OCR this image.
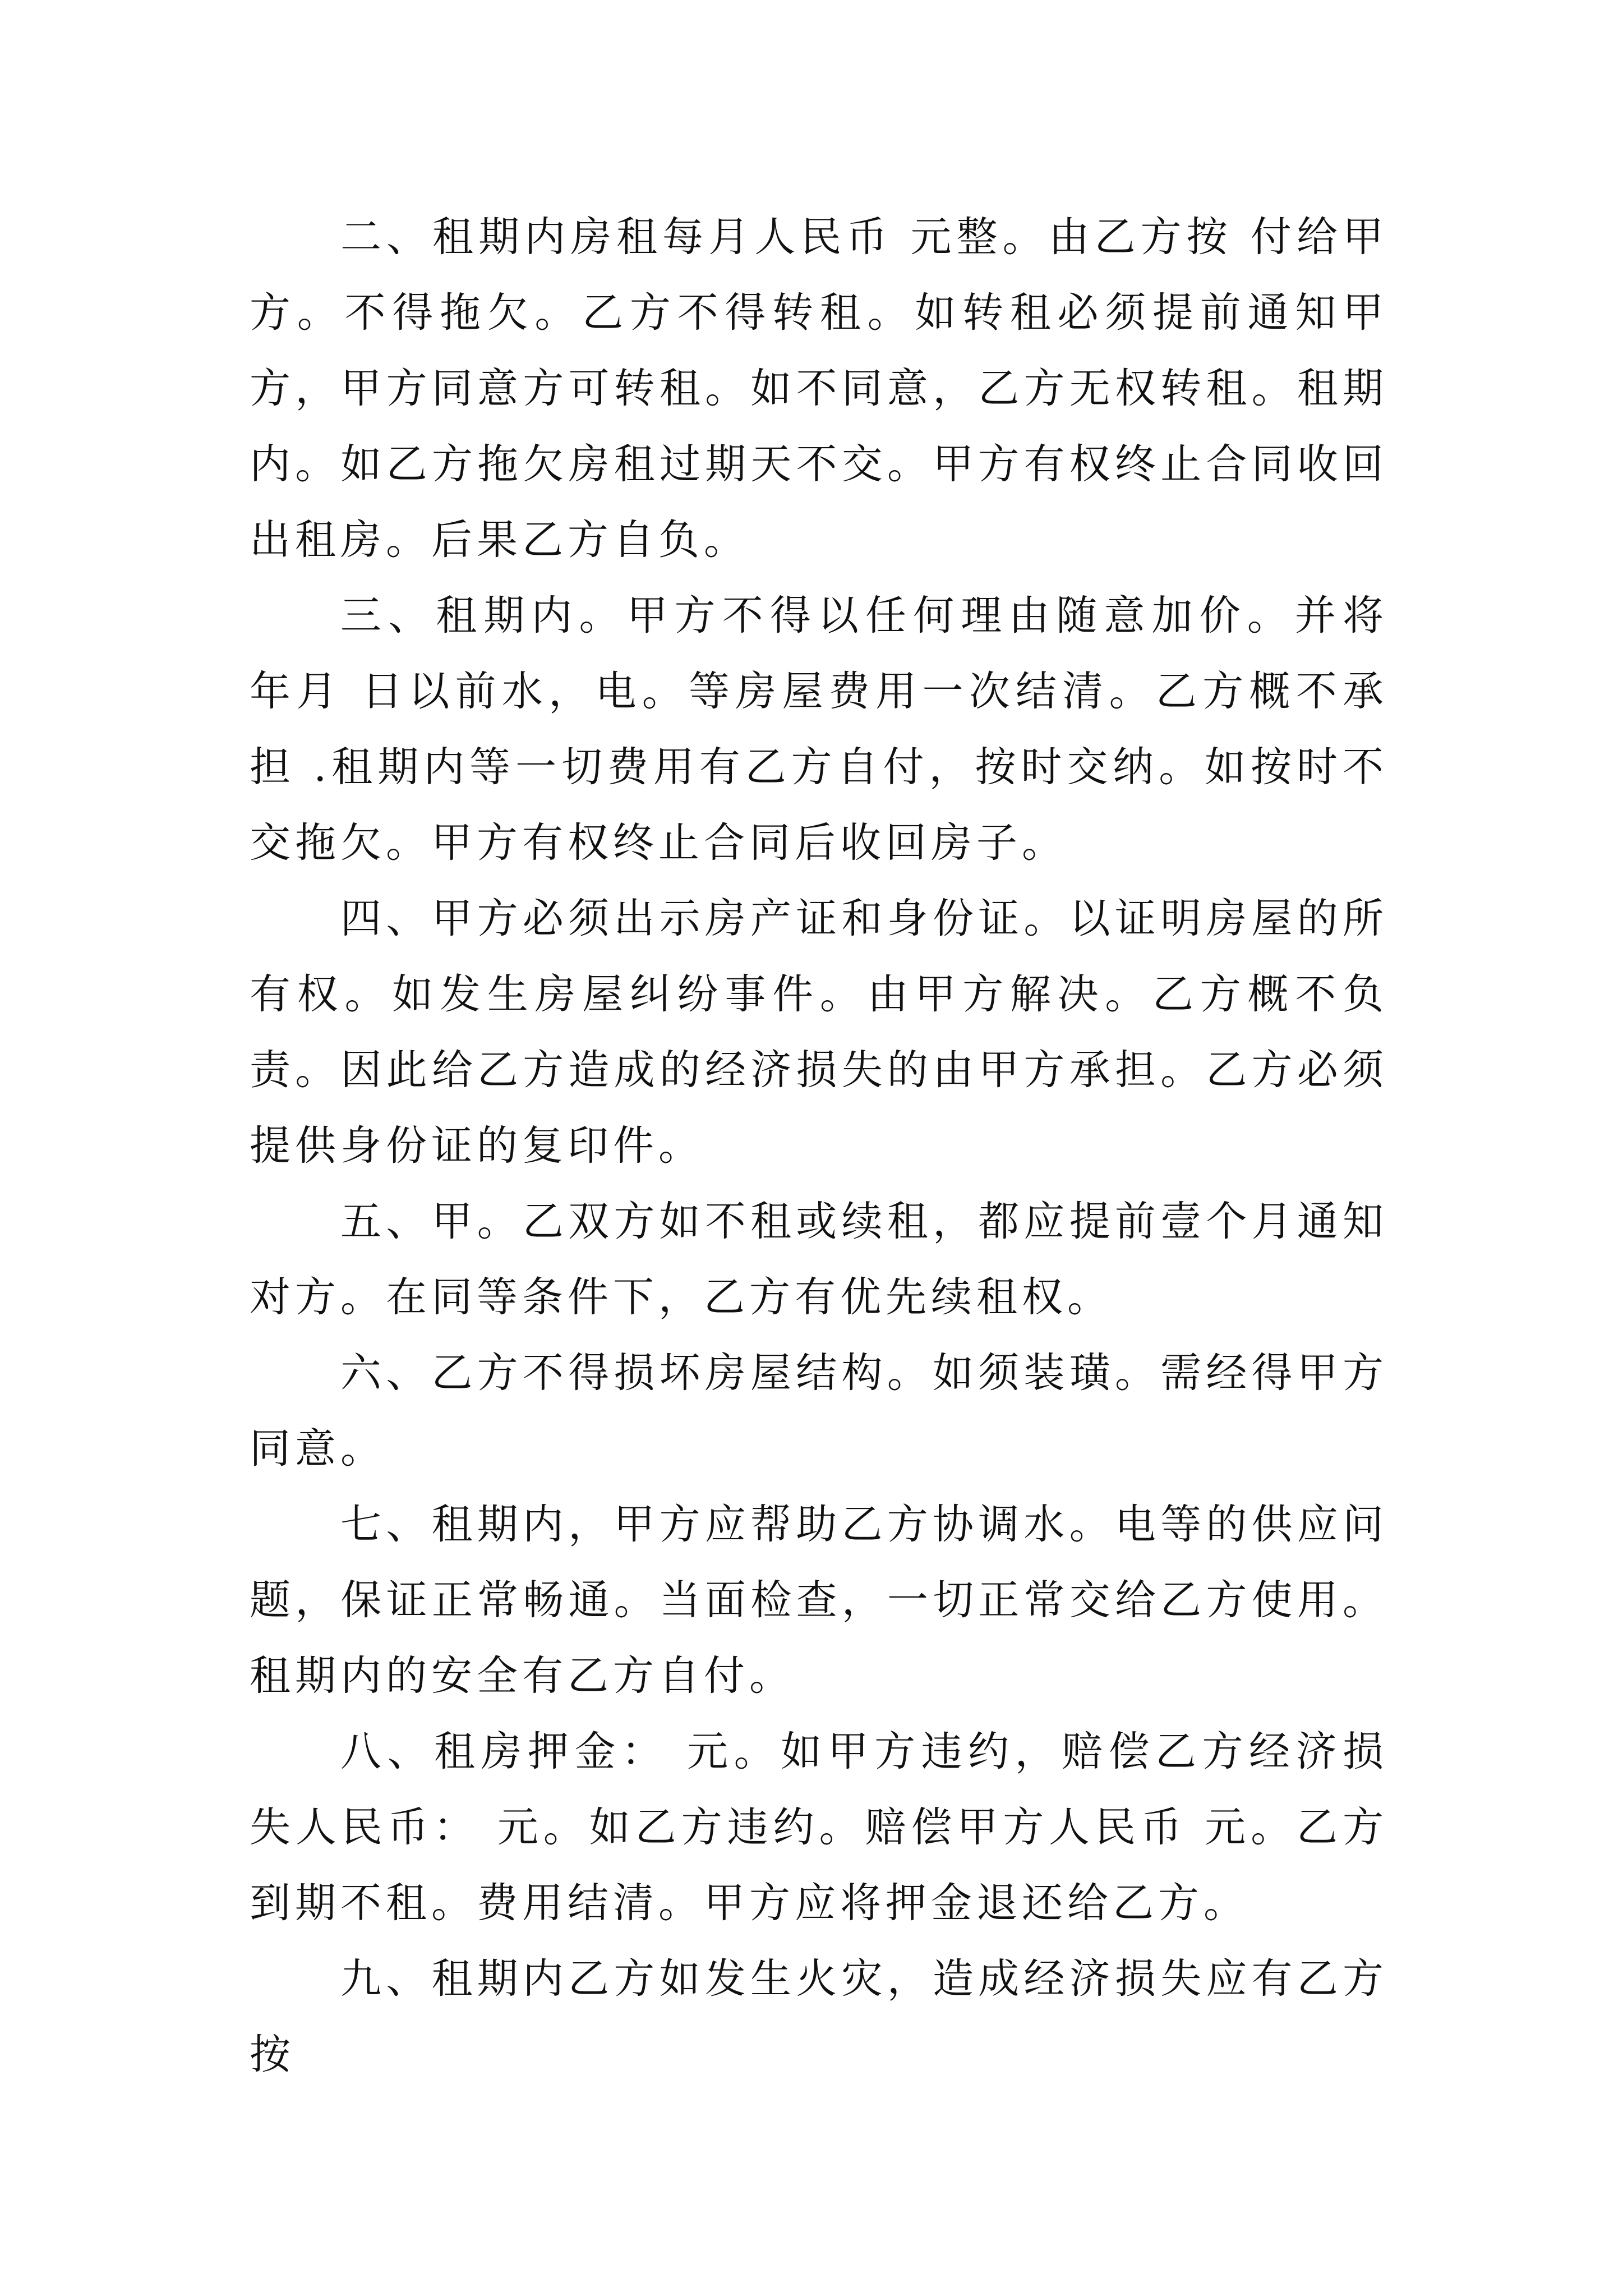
二、租期内房租每月人民币 元整。由乙方按 付给甲方。不得拖欠。乙方不得转租。如转租必须提前通知甲方，甲方同意方可转租。如不同意，乙方无权转租。租期内。如乙方拖欠房租过期天不交。甲方有权终止合同收回出租房。后果乙方自负。

三、租期内。甲方不得以任何理由随意加价。并将 年月 日以前水，电。等房屋费用一次结清。乙方概不承担 .租期内等一切费用有乙方自付，按时交纳。如按时不交拖欠。甲方有权终止合同后收回房子。

四、甲方必须出示房产证和身份证。以证明房屋的所有权。如发生房屋纠纷事件。由甲方解决。乙方概不负责。因此给乙方造成的经济损失的由甲方承担。乙方必须提供身份证的复印件。

五、甲。乙双方如不租或续租，都应提前壹个月通知对方。在同等条件下，乙方有优先续租权。

六、乙方不得损坏房屋结构。如须装璜。需经得甲方同意。

七、租期内，甲方应帮助乙方协调水。电等的供应问题，保证正常畅通。当面检查，一切正常交给乙方使用。租期内的安全有乙方自付。

八、租房押金： 元。如甲方违约，赔偿乙方经济损失人民币： 元。如乙方违约。赔偿甲方人民币 元。乙方到期不租。费用结清。甲方应将押金退还给乙方。

九、租期内乙方如发生火灾，造成经济损失应有乙方按
